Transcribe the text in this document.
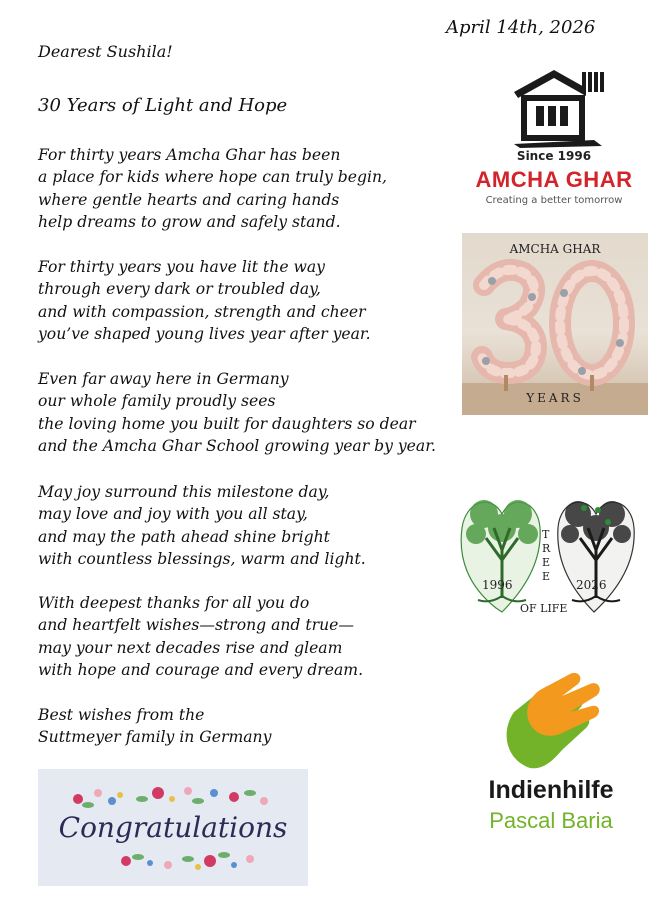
April 14th, 2026
Dearest Sushila!
30 Years of Light and Hope
For thirty years Amcha Ghar has been
a place for kids where hope can truly begin,
where gentle hearts and caring hands
help dreams to grow and safely stand.
For thirty years you have lit the way
through every dark or troubled day,
and with compassion, strength and cheer
you’ve shaped young lives year after year.
Even far away here in Germany
our whole family proudly sees
the loving home you built for daughters so dear
and the Amcha Ghar School growing year by year.
May joy surround this milestone day,
may love and joy with you all stay,
and may the path ahead shine bright
with countless blessings, warm and light.
With deepest thanks for all you do
and heartfelt wishes—strong and true—
may your next decades rise and gleam
with hope and courage and every dream.
Best wishes from the
Suttmeyer family in Germany
Since 1996
AMCHA GHAR
Creating a better tomorrow
AMCHA GHAR
YEARS
T
R
E
E
OF LIFE
1996	2026
Indienhilfe
Pascal Baria
Congratulations
